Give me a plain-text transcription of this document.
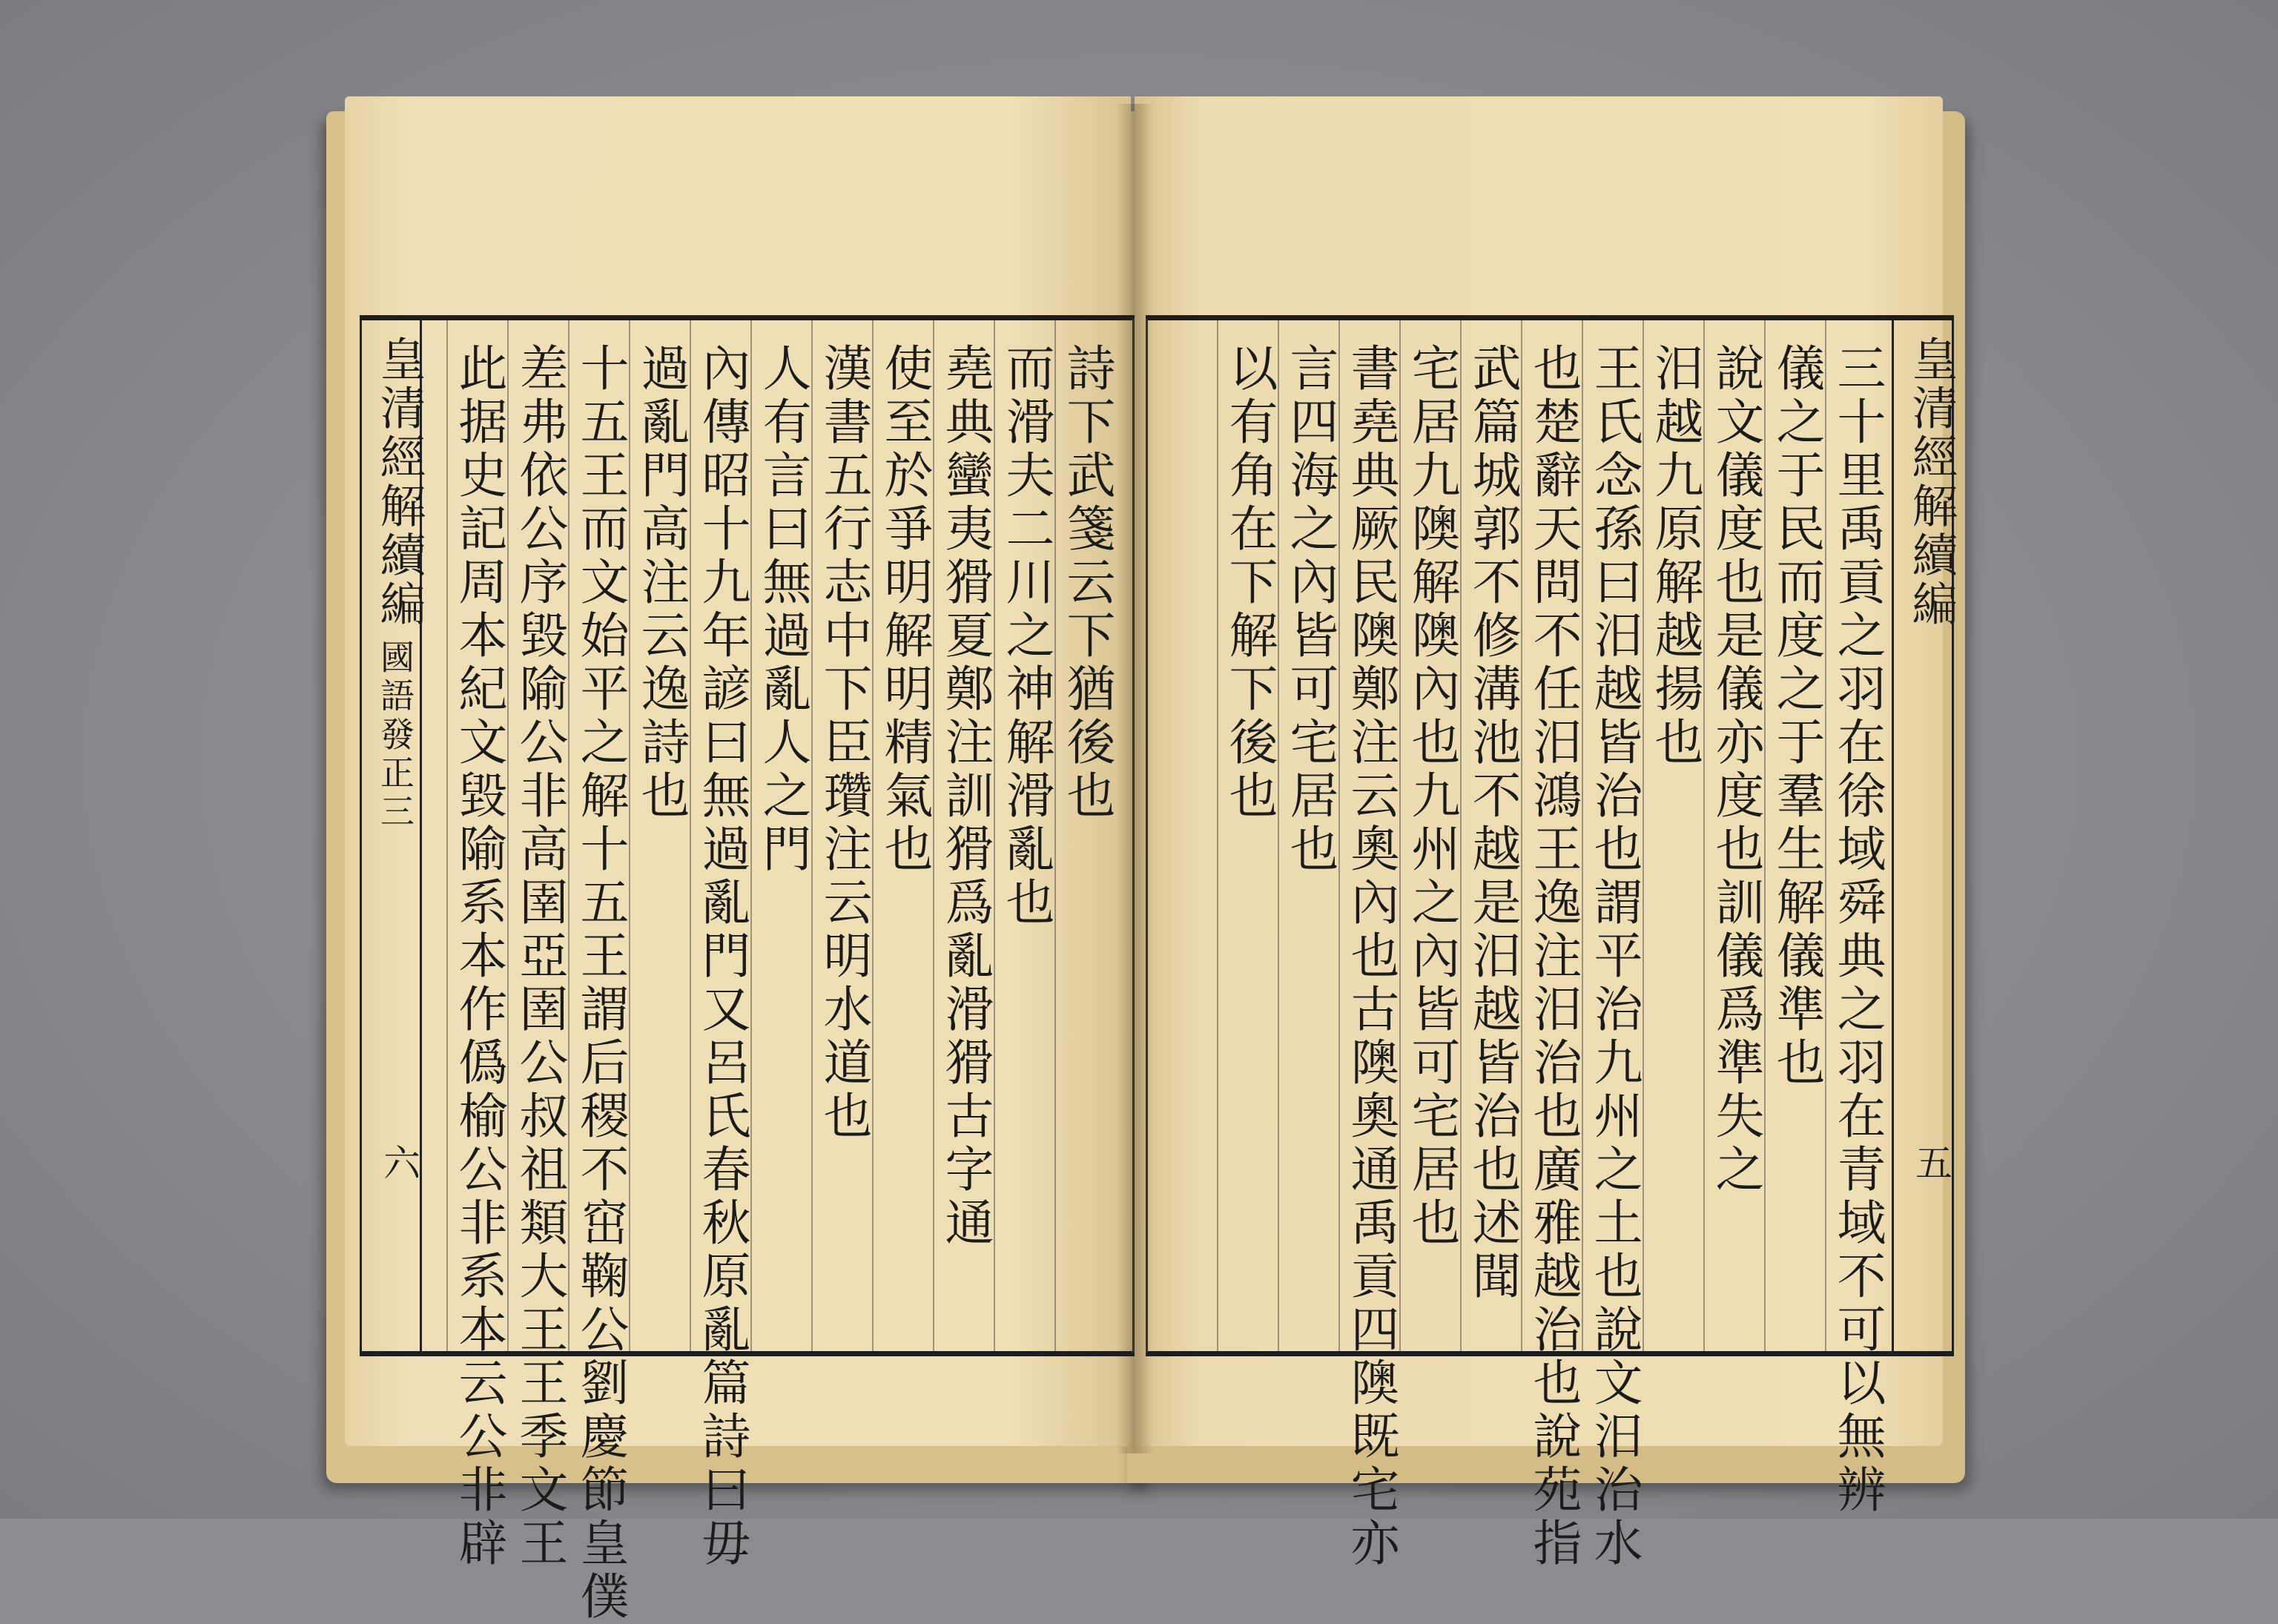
皇清經解續編
國語發正三
六
詩下武箋云下猶後也
而滑夫二川之神解滑亂也
堯典蠻夷猾夏鄭注訓猾爲亂滑猾古字通
使至於爭明解明精氣也
漢書五行志中下臣瓚注云明水道也
人有言曰無過亂人之門
內傳昭十九年諺曰無過亂門又呂氏春秋原亂篇詩曰毋
過亂門高注云逸詩也
十五王而文始平之解十五王謂后稷不窋鞠公劉慶節皇僕
差弗依公序毀隃公非高圉亞圉公叔祖類大王王季文王
此据史記周本紀文毀隃系本作僞榆公非系本云公非辟	皇清經解續編
五
三十里禹貢之羽在徐域舜典之羽在青域不可以無辨
儀之于民而度之于羣生解儀準也
說文儀度也是儀亦度也訓儀爲準失之
汨越九原解越揚也
王氏念孫曰汨越皆治也謂平治九州之土也說文汨治水
也楚辭天問不任汨鴻王逸注汨治也廣雅越治也說苑指
武篇城郭不修溝池不越是汨越皆治也述聞
宅居九隩解隩內也九州之內皆可宅居也
書堯典厥民隩鄭注云奧內也古隩奧通禹貢四隩既宅亦
言四海之內皆可宅居也
以有角在下解下後也
